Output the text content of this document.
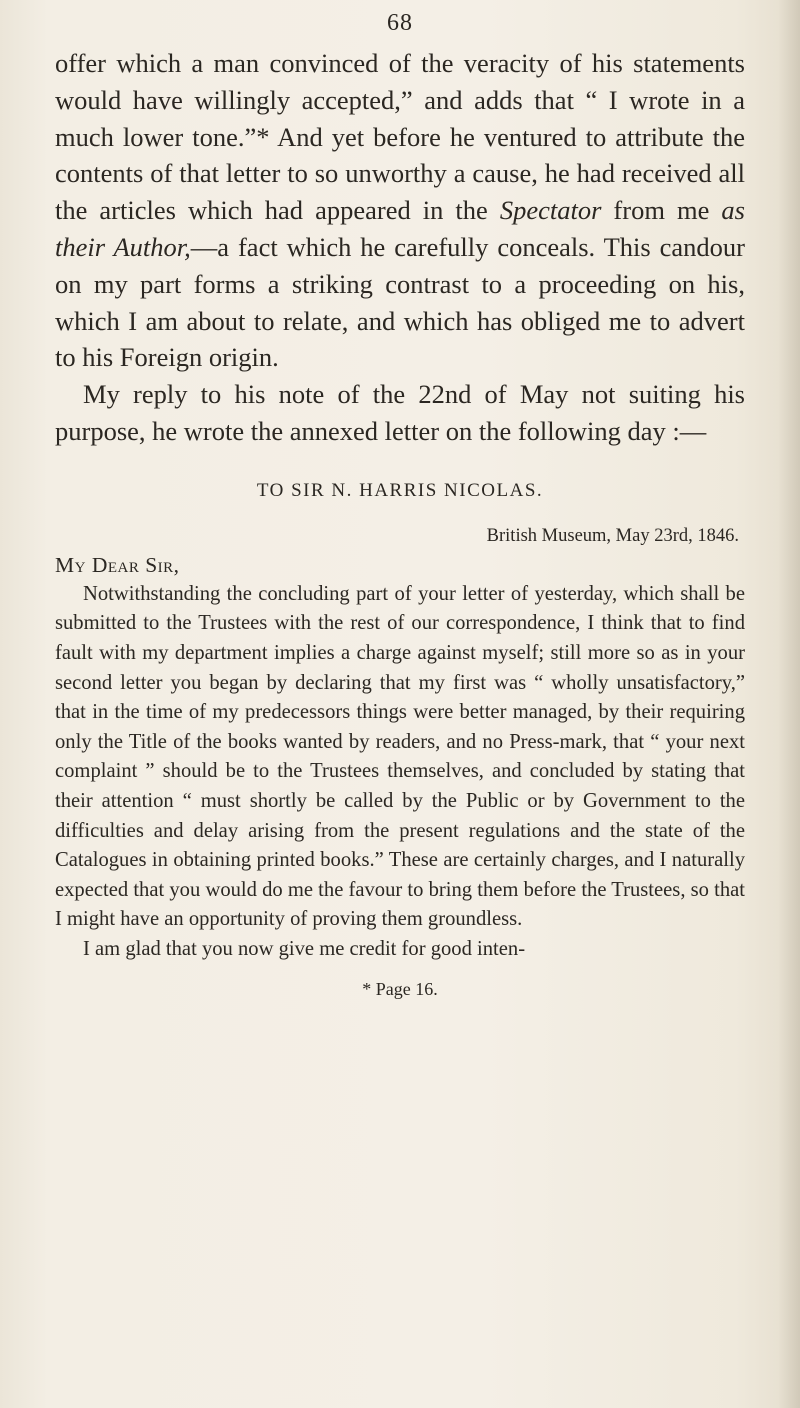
68

offer which a man convinced of the veracity of his statements would have willingly accepted,” and adds that “ I wrote in a much lower tone.”* And yet before he ventured to attribute the contents of that letter to so unworthy a cause, he had received all the articles which had appeared in the Spectator from me as their Author,—a fact which he carefully conceals. This candour on my part forms a striking contrast to a proceeding on his, which I am about to relate, and which has obliged me to advert to his Foreign origin.

My reply to his note of the 22nd of May not suiting his purpose, he wrote the annexed letter on the following day :—

TO SIR N. HARRIS NICOLAS.

British Museum, May 23rd, 1846.

My Dear Sir,

Notwithstanding the concluding part of your letter of yesterday, which shall be submitted to the Trustees with the rest of our correspondence, I think that to find fault with my department implies a charge against myself; still more so as in your second letter you began by declaring that my first was “ wholly unsatisfactory,” that in the time of my predecessors things were better managed, by their requiring only the Title of the books wanted by readers, and no Press-mark, that “ your next complaint ” should be to the Trustees themselves, and concluded by stating that their attention “ must shortly be called by the Public or by Government to the difficulties and delay arising from the present regulations and the state of the Catalogues in obtaining printed books.” These are certainly charges, and I naturally expected that you would do me the favour to bring them before the Trustees, so that I might have an opportunity of proving them groundless.

I am glad that you now give me credit for good inten-

* Page 16.
